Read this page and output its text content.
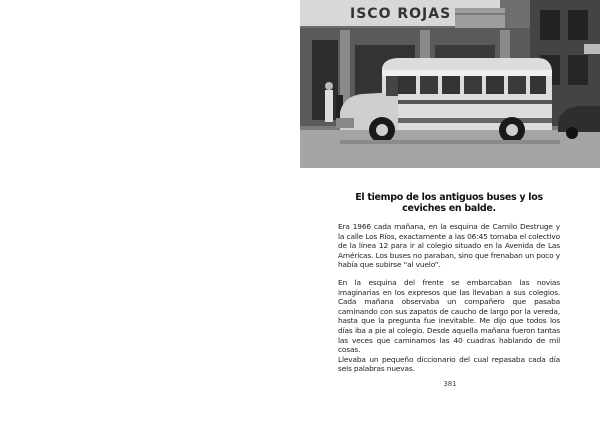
ISCO ROJAS
El tiempo de los antiguos buses y los ceviches en balde.

Era 1966 cada mañana, en la esquina de Camilo Destruge y la calle Los Ríos, exactamente a las 06:45 tomaba el colectivo de la línea 12 para ir al colegio situado en la Avenida de Las Américas. Los buses no paraban, sino que frenaban un poco y había que subirse “al vuelo”.

En la esquina del frente se embarcaban las novias imaginarias en los expresos que las llevaban a sus colegios. Cada mañana observaba un compañero que pasaba caminando con sus zapatos de caucho de largo por la vereda, hasta que la pregunta fue inevitable. Me dijo que todos los días iba a pie al colegio. Desde aquella mañana fueron tantas las veces que caminamos las 40 cuadras hablando de mil cosas.

Llevaba un pequeño diccionario del cual repasaba cada día seis palabras nuevas.

381
